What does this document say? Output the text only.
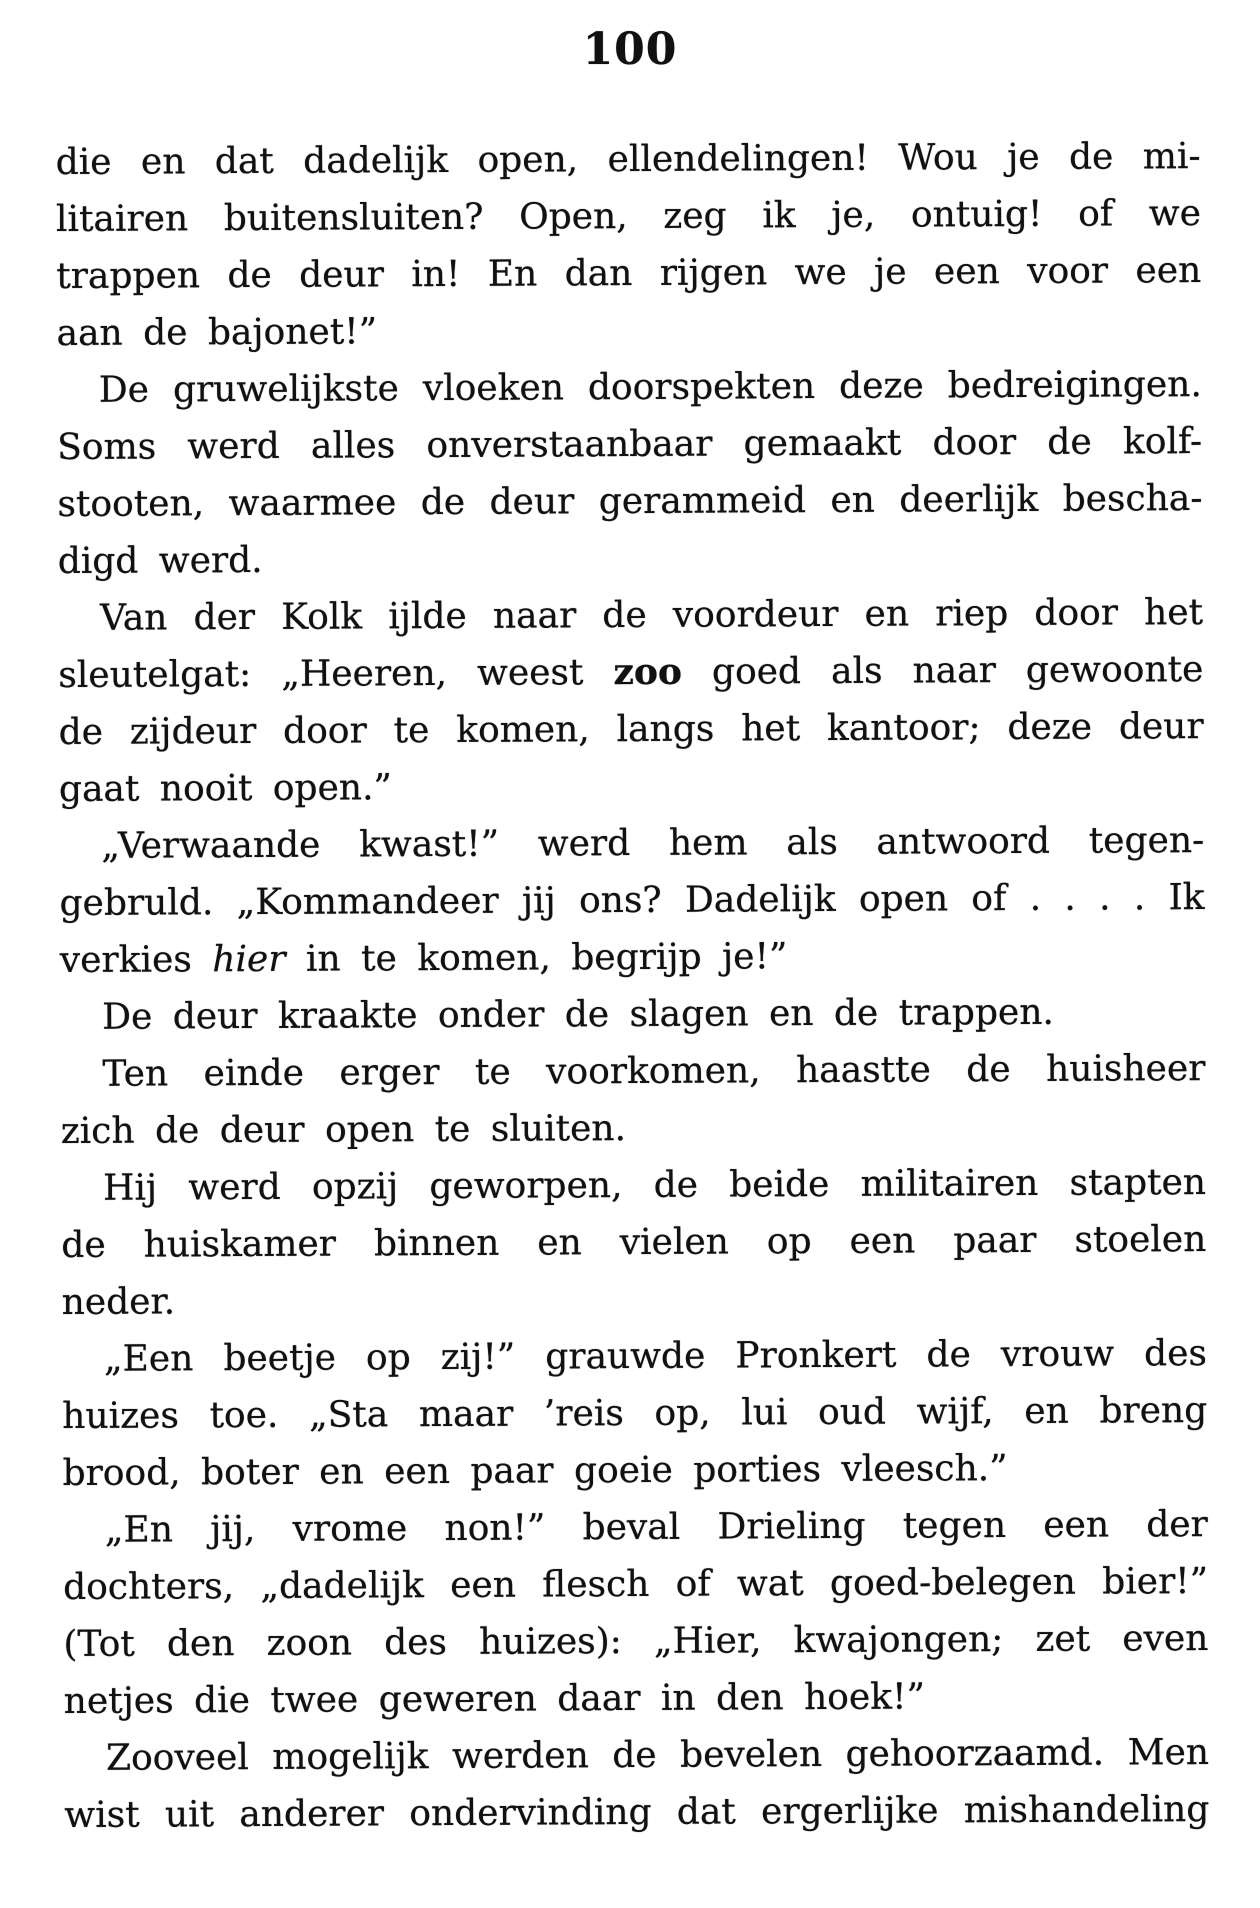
100
die en dat dadelijk open, ellendelingen! Wou je de mi-
litairen buitensluiten? Open, zeg ik je, ontuig! of we
trappen de deur in! En dan rijgen we je een voor een
aan de bajonet!”
De gruwelijkste vloeken doorspekten deze bedreigingen.
Soms werd alles onverstaanbaar gemaakt door de kolf-
stooten, waarmee de deur gerammeid en deerlijk bescha-
digd werd.
Van der Kolk ijlde naar de voordeur en riep door het
sleutelgat: „Heeren, weest zoo goed als naar gewoonte
de zijdeur door te komen, langs het kantoor; deze deur
gaat nooit open.”
„Verwaande kwast!” werd hem als antwoord tegen-
gebruld. „Kommandeer jij ons? Dadelijk open of . . . . Ik
verkies hier in te komen, begrijp je!”
De deur kraakte onder de slagen en de trappen.
Ten einde erger te voorkomen, haastte de huisheer
zich de deur open te sluiten.
Hij werd opzij geworpen, de beide militairen stapten
de huiskamer binnen en vielen op een paar stoelen
neder.
„Een beetje op zij!” grauwde Pronkert de vrouw des
huizes toe. „Sta maar ’reis op, lui oud wijf, en breng
brood, boter en een paar goeie porties vleesch.”
„En jij, vrome non!” beval Drieling tegen een der
dochters, „dadelijk een flesch of wat goed-belegen bier!”
(Tot den zoon des huizes): „Hier, kwajongen; zet even
netjes die twee geweren daar in den hoek!”
Zooveel mogelijk werden de bevelen gehoorzaamd. Men
wist uit anderer ondervinding dat ergerlijke mishandeling
